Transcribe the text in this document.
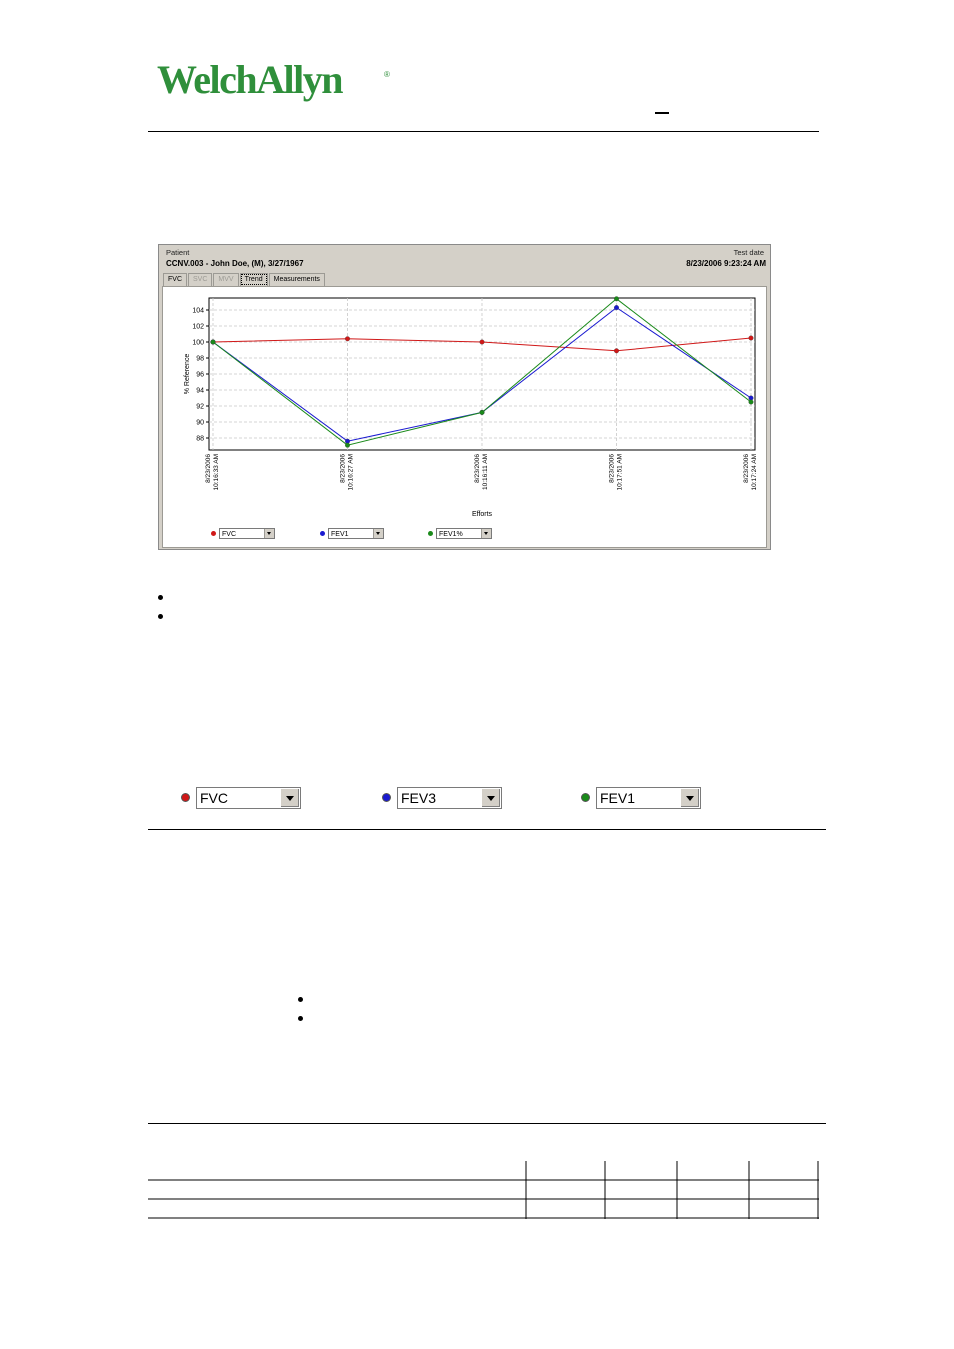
WelchAllyn	®
Patient
CCNV.003 - John Doe, (M), 3/27/1967
Test date
8/23/2006 9:23:24 AM
FVC	SVC	MVV	Trend	Measurements
88
90
92
94
96
98
100
102
104
8/23/2006 10:16:33 AM	8/23/2006 10:16:27 AM	8/23/2006 10:16:11 AM	8/23/2006 10:17:51 AM	8/23/2006 10:17:24 AM
% Reference
Efforts
FVC	FEV1	FEV1%
FVC	FEV3	FEV1
